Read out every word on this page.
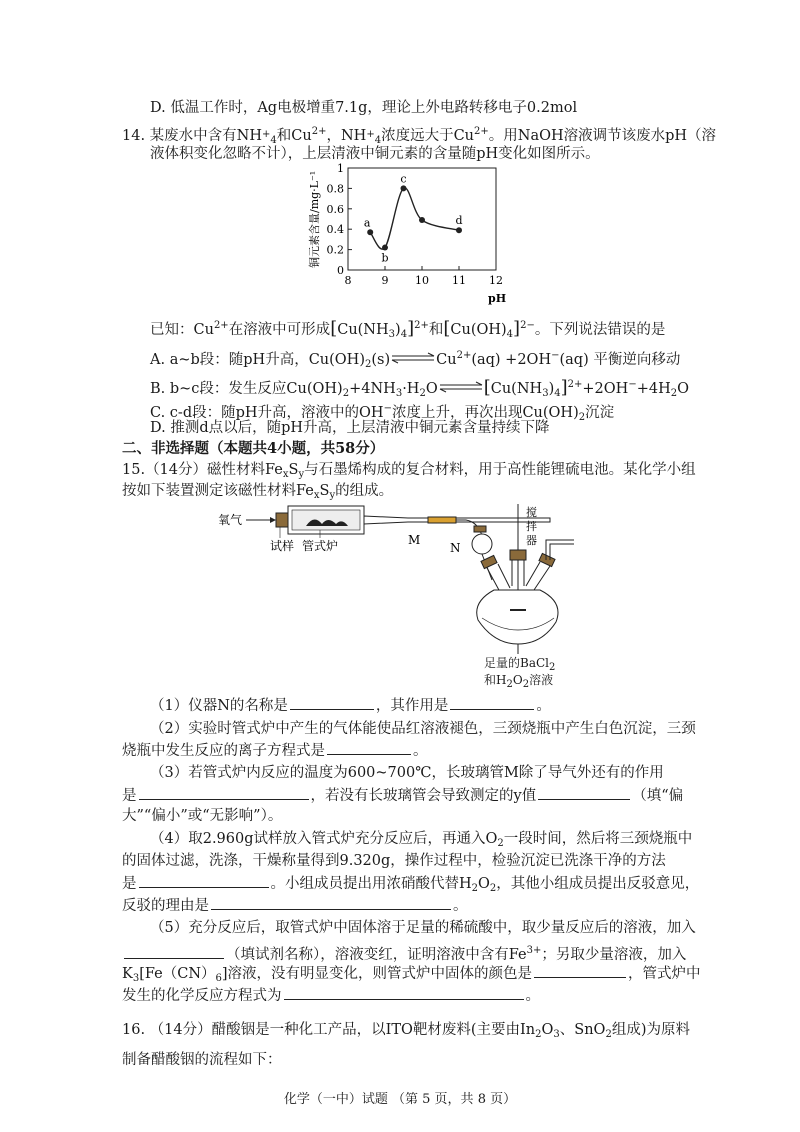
D. 低温工作时，Ag电极增重7.1g，理论上外电路转移电子0.2mol
14. 某废水中含有$NH_{+4}$和$Cu^{2+}$，$NH_{+4}$浓度远大于$Cu^{2+}$。用NaOH溶液调节该废水pH（溶
液体积变化忽略不计），上层清液中铜元素的含量随pH变化如图所示。
8	9 10 11 12
0
0.2
0.4
0.6
0.8
1
a
b
c
d
pH
铜元素含量/mg·L⁻¹
已知：$Cu^{2+}$在溶液中可形成$[Cu(NH_3)_4]^{2+}$和$[Cu(OH)_4]^{2-}$。下列说法错误的是
A. a~b段：随pH升高，$Cu(OH)_2(s)\rightleftharpoons Cu^{2+}(aq) +2OH^-(aq)$ 平衡逆向移动
B. b~c段：发生反应$Cu(OH)_2+4NH_3\cdot H_2O\rightleftharpoons[Cu(NH_3)_4]^{2+}+2OH^-+4H_2O$
C. c-d段：随pH升高，溶液中的OH−浓度上升，再次出现$Cu(OH)_2$沉淀
D. 推测d点以后，随pH升高，上层清液中铜元素含量持续下降
二、非选择题（本题共4小题，共58分）
15.（14分）磁性材料$Fe_xS_y$与石墨烯构成的复合材料，用于高性能锂硫电池。某化学小组
按如下装置测定该磁性材料$Fe_xS_y$的组成。
氧气
M
试样 管式炉	N
搅
拌
器
足量的BaCl$_2$
和$H_2O_2$溶液
（1）仪器N的名称是	，其作用是	。
（2）实验时管式炉中产生的气体能使品红溶液褪色，三颈烧瓶中产生白色沉淀，三颈
烧瓶中发生反应的离子方程式是	。
（3）若管式炉内反应的温度为600~700℃，长玻璃管M除了导气外还有的作用
是	，若没有长玻璃管会导致测定的y值	（填“偏
大”“偏小”或“无影响”）。
（4）取2.960g试样放入管式炉充分反应后，再通入$O_2$一段时间，然后将三颈烧瓶中
的固体过滤，洗涤，干燥称量得到9.320g，操作过程中，检验沉淀已洗涤干净的方法
是	。小组成员提出用浓硝酸代替$H_2O_2$，其他小组成员提出反驳意见，
反驳的理由是	。
（5）充分反应后，取管式炉中固体溶于足量的稀硫酸中，取少量反应后的溶液，加入
（填试剂名称），溶液变红，证明溶液中含有$Fe^{3+}$；另取少量溶液，加入
$K_3[Fe(CN)_6]$溶液，没有明显变化，则管式炉中固体的颜色是	，管式炉中
发生的化学反应方程式为	。
16. （14分）醋酸铟是一种化工产品，以ITO靶材废料(主要由$In_2O_3$、SnO$_2$组成)为原料
制备醋酸铟的流程如下：
化学（一中）试题 （第 5 页，共 8 页）
